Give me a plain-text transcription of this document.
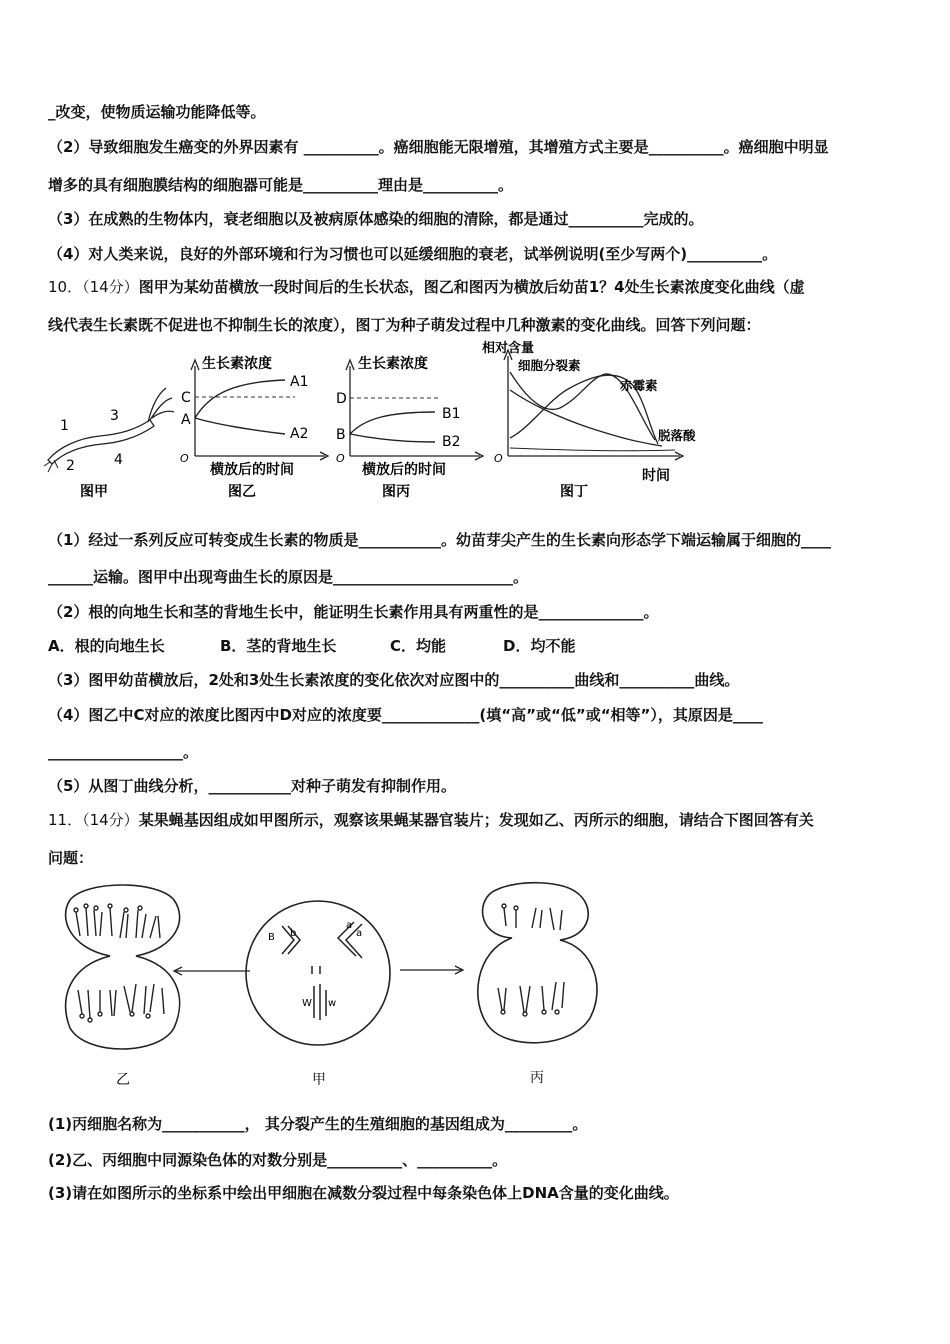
_改变，使物质运输功能降低等。
（2）导致细胞发生癌变的外界因素有 __________。癌细胞能无限增殖，其增殖方式主要是__________。癌细胞中明显
增多的具有细胞膜结构的细胞器可能是__________理由是__________。
（3）在成熟的生物体内，衰老细胞以及被病原体感染的细胞的清除，都是通过__________完成的。
（4）对人类来说，良好的外部环境和行为习惯也可以延缓细胞的衰老，试举例说明(至少写两个)__________。
10．（14分）图甲为某幼苗横放一段时间后的生长状态，图乙和图丙为横放后幼苗1？4处生长素浓度变化曲线（虚
线代表生长素既不促进也不抑制生长的浓度），图丁为种子萌发过程中几种激素的变化曲线。回答下列问题：
1
2
3
4
图甲
生长素浓度
横放后的时间
O
C
A
A1
A2
图乙
生长素浓度
横放后的时间
O
D
B
B1
B2
图丙
相对含量
时间
O
细胞分裂素
赤霉素
脱落酸
图丁
（1）经过一系列反应可转变成生长素的物质是___________。幼苗芽尖产生的生长素向形态学下端运输属于细胞的____
______运输。图甲中出现弯曲生长的原因是________________________。
（2）根的向地生长和茎的背地生长中，能证明生长素作用具有两重性的是______________。
A．根的向地生长	B．茎的背地生长	C．均能	D．均不能
（3）图甲幼苗横放后，2处和3处生长素浓度的变化依次对应图中的__________曲线和__________曲线。
（4）图乙中C对应的浓度比图丙中D对应的浓度要_____________(填“高”或“低”或“相等”），其原因是____
__________________。
（5）从图丁曲线分析，___________对种子萌发有抑制作用。
11．（14分）某果蝇基因组成如甲图所示，观察该果蝇某器官装片；发现如乙、丙所示的细胞，请结合下图回答有关
问题：
乙
B b
a
a
W w
甲	丙
(1)丙细胞名称为___________， 其分裂产生的生殖细胞的基因组成为_________。
(2)乙、丙细胞中同源染色体的对数分别是__________、__________。
(3)请在如图所示的坐标系中绘出甲细胞在减数分裂过程中每条染色体上DNA含量的变化曲线。
